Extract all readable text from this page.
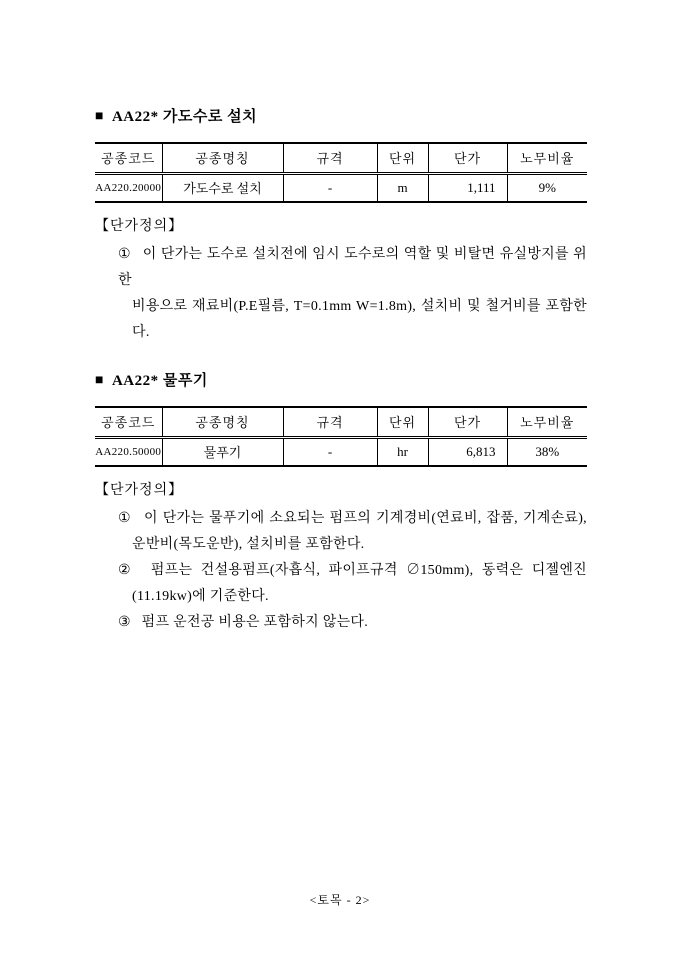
■ AA22* 가도수로 설치
공종코드	공종명칭	규격	단위	단가	노무비율
AA220.20000	가도수로 설치	-	m	1,111	9%
【단가정의】
① 이 단가는 도수로 설치전에 임시 도수로의 역할 및 비탈면 유실방지를 위한
비용으로 재료비(P.E필름, T=0.1mm W=1.8m), 설치비 및 철거비를 포함한다.
■ AA22* 물푸기
공종코드	공종명칭	규격	단위	단가	노무비율
AA220.50000	물푸기	-	hr	6,813	38%
【단가정의】
① 이 단가는 물푸기에 소요되는 펌프의 기계경비(연료비, 잡품, 기계손료),
운반비(목도운반), 설치비를 포함한다.
② 펌프는 건설용펌프(자흡식, 파이프규격 ∅150mm), 동력은 디젤엔진
(11.19kw)에 기준한다.
③ 펌프 운전공 비용은 포함하지 않는다.
<토목 - 2>
